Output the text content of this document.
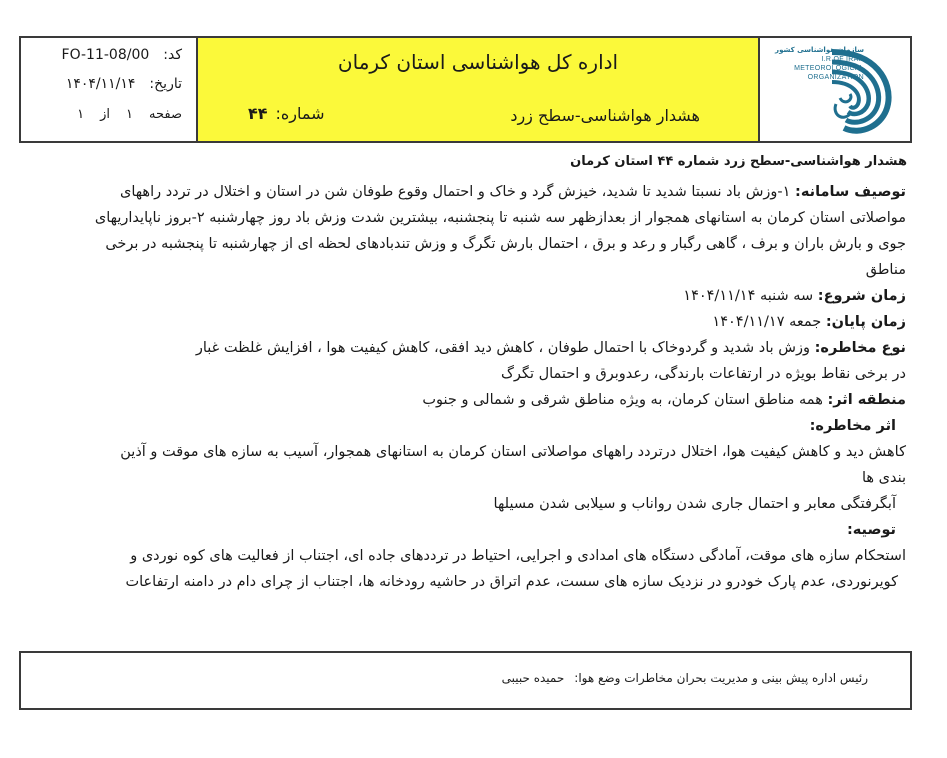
کد:
FO-11-08/00
تاریخ:
۱۴۰۴/۱۱/۱۴
صفحه
۱
از
۱
اداره کل هواشناسی استان کرمان
هشدار هواشناسی-سطح زرد
شماره:
۴۴
سازمان هواشناسی کشور
I.R.OF IRAN
METEOROLOGICAL
ORGANIZATION
هشدار هواشناسی-سطح زرد شماره ۴۴ استان کرمان
توصیف سامانه: ۱-وزش باد نسبتا شدید تا شدید، خیزش گرد و خاک و احتمال وقوع طوفان شن در استان و اختلال در تردد راههای
مواصلاتی استان کرمان به استانهای همجوار از بعدازظهر سه شنبه تا پنجشنبه، بیشترین شدت وزش باد روز چهارشنبه ۲-بروز ناپایداریهای
جوی و بارش باران و برف ، گاهی رگبار و رعد و برق ، احتمال بارش تگرگ و وزش تندبادهای لحظه ای از چهارشنبه تا پنجشبه در برخی
مناطق
زمان شروع: سه شنبه ۱۴۰۴/۱۱/۱۴
زمان پایان: جمعه ۱۴۰۴/۱۱/۱۷
نوع مخاطره: وزش باد شدید و گردوخاک با احتمال طوفان ، کاهش دید افقی، کاهش کیفیت هوا ، افزایش غلظت غبار
در برخی نقاط بویژه در ارتفاعات بارندگی، رعدوبرق و احتمال تگرگ
منطقه اثر: همه مناطق استان کرمان، به ویژه مناطق شرقی و شمالی و جنوب
اثر مخاطره:
کاهش دید و کاهش کیفیت هوا، اختلال درتردد راههای مواصلاتی استان کرمان به استانهای همجوار، آسیب به سازه های موقت و آذین
بندی ها
آبگرفتگی معابر و احتمال جاری شدن رواناب و سیلابی شدن مسیلها
توصیه:
استحکام سازه های موقت، آمادگی دستگاه های امدادی و اجرایی، احتیاط در ترددهای جاده ای، اجتناب از فعالیت های کوه نوردی و
کویرنوردی، عدم پارک خودرو در نزدیک سازه های سست، عدم اتراق در حاشیه رودخانه ها، اجتناب از چرای دام در دامنه ارتفاعات
رئیس اداره پیش بینی و مدیریت بحران مخاطرات وضع هوا:
حمیده حبیبی
